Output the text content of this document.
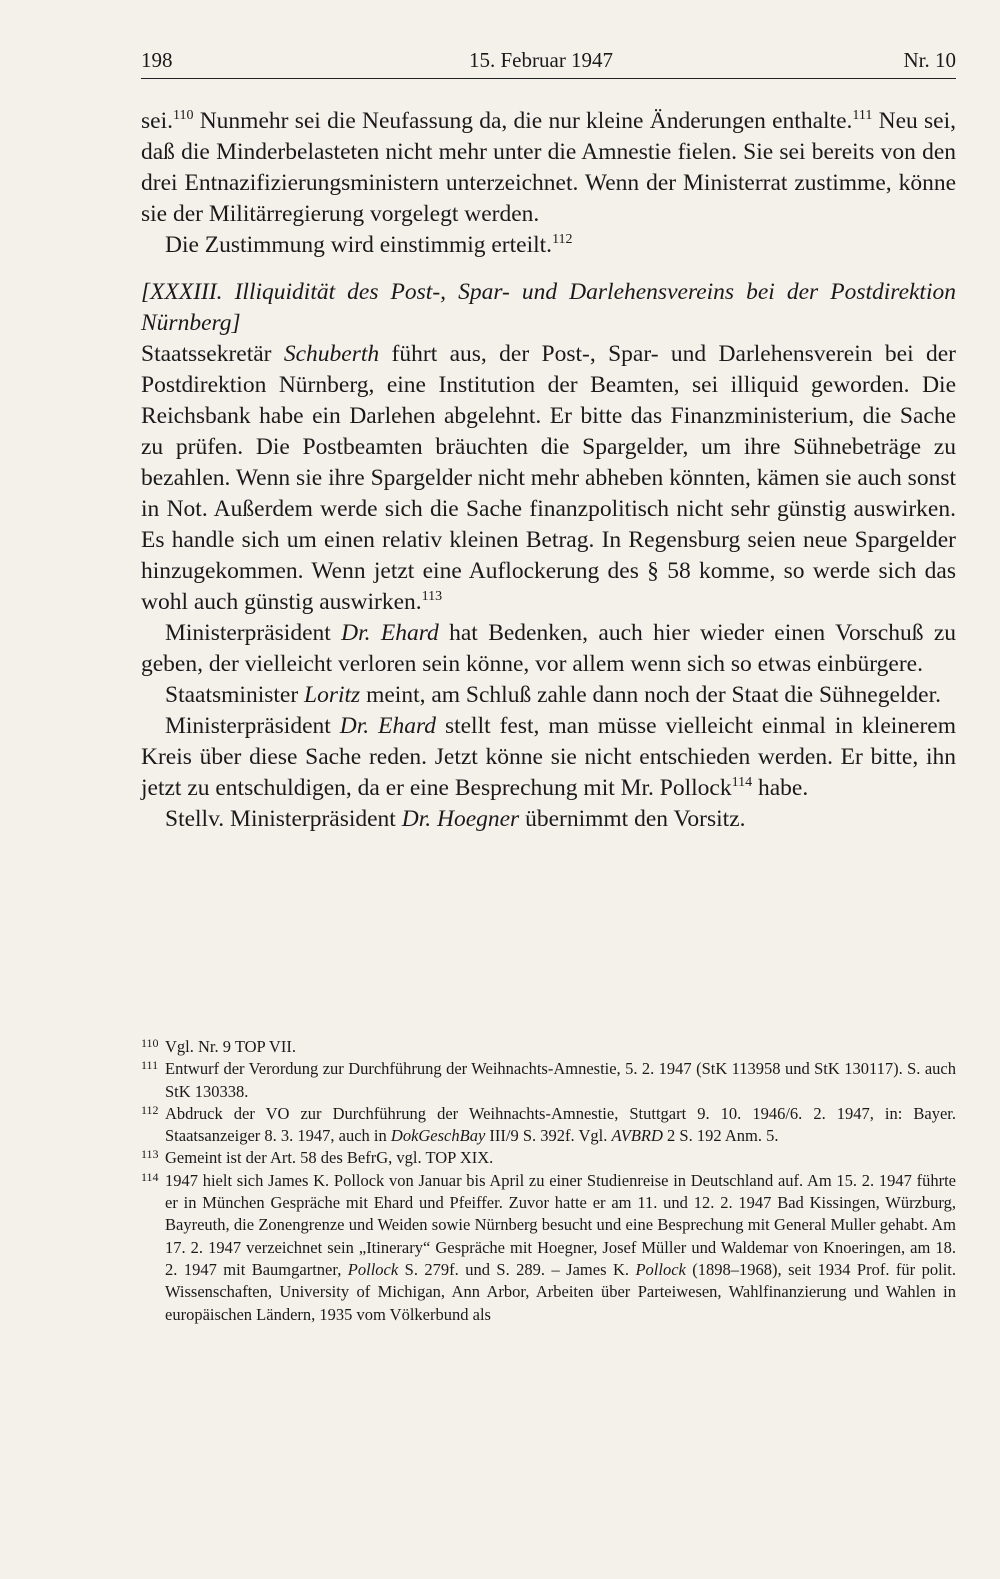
198	15. Februar 1947	Nr. 10

sei.$^{110}$ Nunmehr sei die Neufassung da, die nur kleine Änderungen enthalte.$^{111}$ Neu sei, daß die Minderbelasteten nicht mehr unter die Amnestie fielen. Sie sei bereits von den drei Entnazifizierungsministern unterzeichnet. Wenn der Ministerrat zustimme, könne sie der Militärregierung vorgelegt werden.

Die Zustimmung wird einstimmig erteilt.$^{112}$

[XXXIII. Illiquidität des Post-, Spar- und Darlehensvereins bei der Postdirektion Nürnberg]

Staatssekretär Schuberth führt aus, der Post-, Spar- und Darlehensverein bei der Postdirektion Nürnberg, eine Institution der Beamten, sei illiquid geworden. Die Reichsbank habe ein Darlehen abgelehnt. Er bitte das Finanzministerium, die Sache zu prüfen. Die Postbeamten bräuchten die Spargelder, um ihre Sühnebeträge zu bezahlen. Wenn sie ihre Spargelder nicht mehr abheben könnten, kämen sie auch sonst in Not. Außerdem werde sich die Sache finanzpolitisch nicht sehr günstig auswirken. Es handle sich um einen relativ kleinen Betrag. In Regensburg seien neue Spargelder hinzugekommen. Wenn jetzt eine Auflockerung des § 58 komme, so werde sich das wohl auch günstig auswirken.$^{113}$

Ministerpräsident Dr. Ehard hat Bedenken, auch hier wieder einen Vorschuß zu geben, der vielleicht verloren sein könne, vor allem wenn sich so etwas einbürgere.

Staatsminister Loritz meint, am Schluß zahle dann noch der Staat die Sühnegelder.

Ministerpräsident Dr. Ehard stellt fest, man müsse vielleicht einmal in kleinerem Kreis über diese Sache reden. Jetzt könne sie nicht entschieden werden. Er bitte, ihn jetzt zu entschuldigen, da er eine Besprechung mit Mr. Pollock$^{114}$ habe.

Stellv. Ministerpräsident Dr. Hoegner übernimmt den Vorsitz.

110 Vgl. Nr. 9 TOP VII.

111 Entwurf der Verordung zur Durchführung der Weihnachts-Amnestie, 5. 2. 1947 (StK 113958 und StK 130117). S. auch StK 130338.

112 Abdruck der VO zur Durchführung der Weihnachts-Amnestie, Stuttgart 9. 10. 1946/6. 2. 1947, in: Bayer. Staatsanzeiger 8. 3. 1947, auch in DokGeschBay III/9 S. 392f. Vgl. AVBRD 2 S. 192 Anm. 5.

113 Gemeint ist der Art. 58 des BefrG, vgl. TOP XIX.

114 1947 hielt sich James K. Pollock von Januar bis April zu einer Studienreise in Deutschland auf. Am 15. 2. 1947 führte er in München Gespräche mit Ehard und Pfeiffer. Zuvor hatte er am 11. und 12. 2. 1947 Bad Kissingen, Würzburg, Bayreuth, die Zonengrenze und Weiden sowie Nürnberg besucht und eine Besprechung mit General Muller gehabt. Am 17. 2. 1947 verzeichnet sein „Itinerary“ Gespräche mit Hoegner, Josef Müller und Waldemar von Knoeringen, am 18. 2. 1947 mit Baumgartner, Pollock S. 279f. und S. 289. – James K. Pollock (1898–1968), seit 1934 Prof. für polit. Wissenschaften, University of Michigan, Ann Arbor, Arbeiten über Parteiwesen, Wahlfinanzierung und Wahlen in europäischen Ländern, 1935 vom Völkerbund als
